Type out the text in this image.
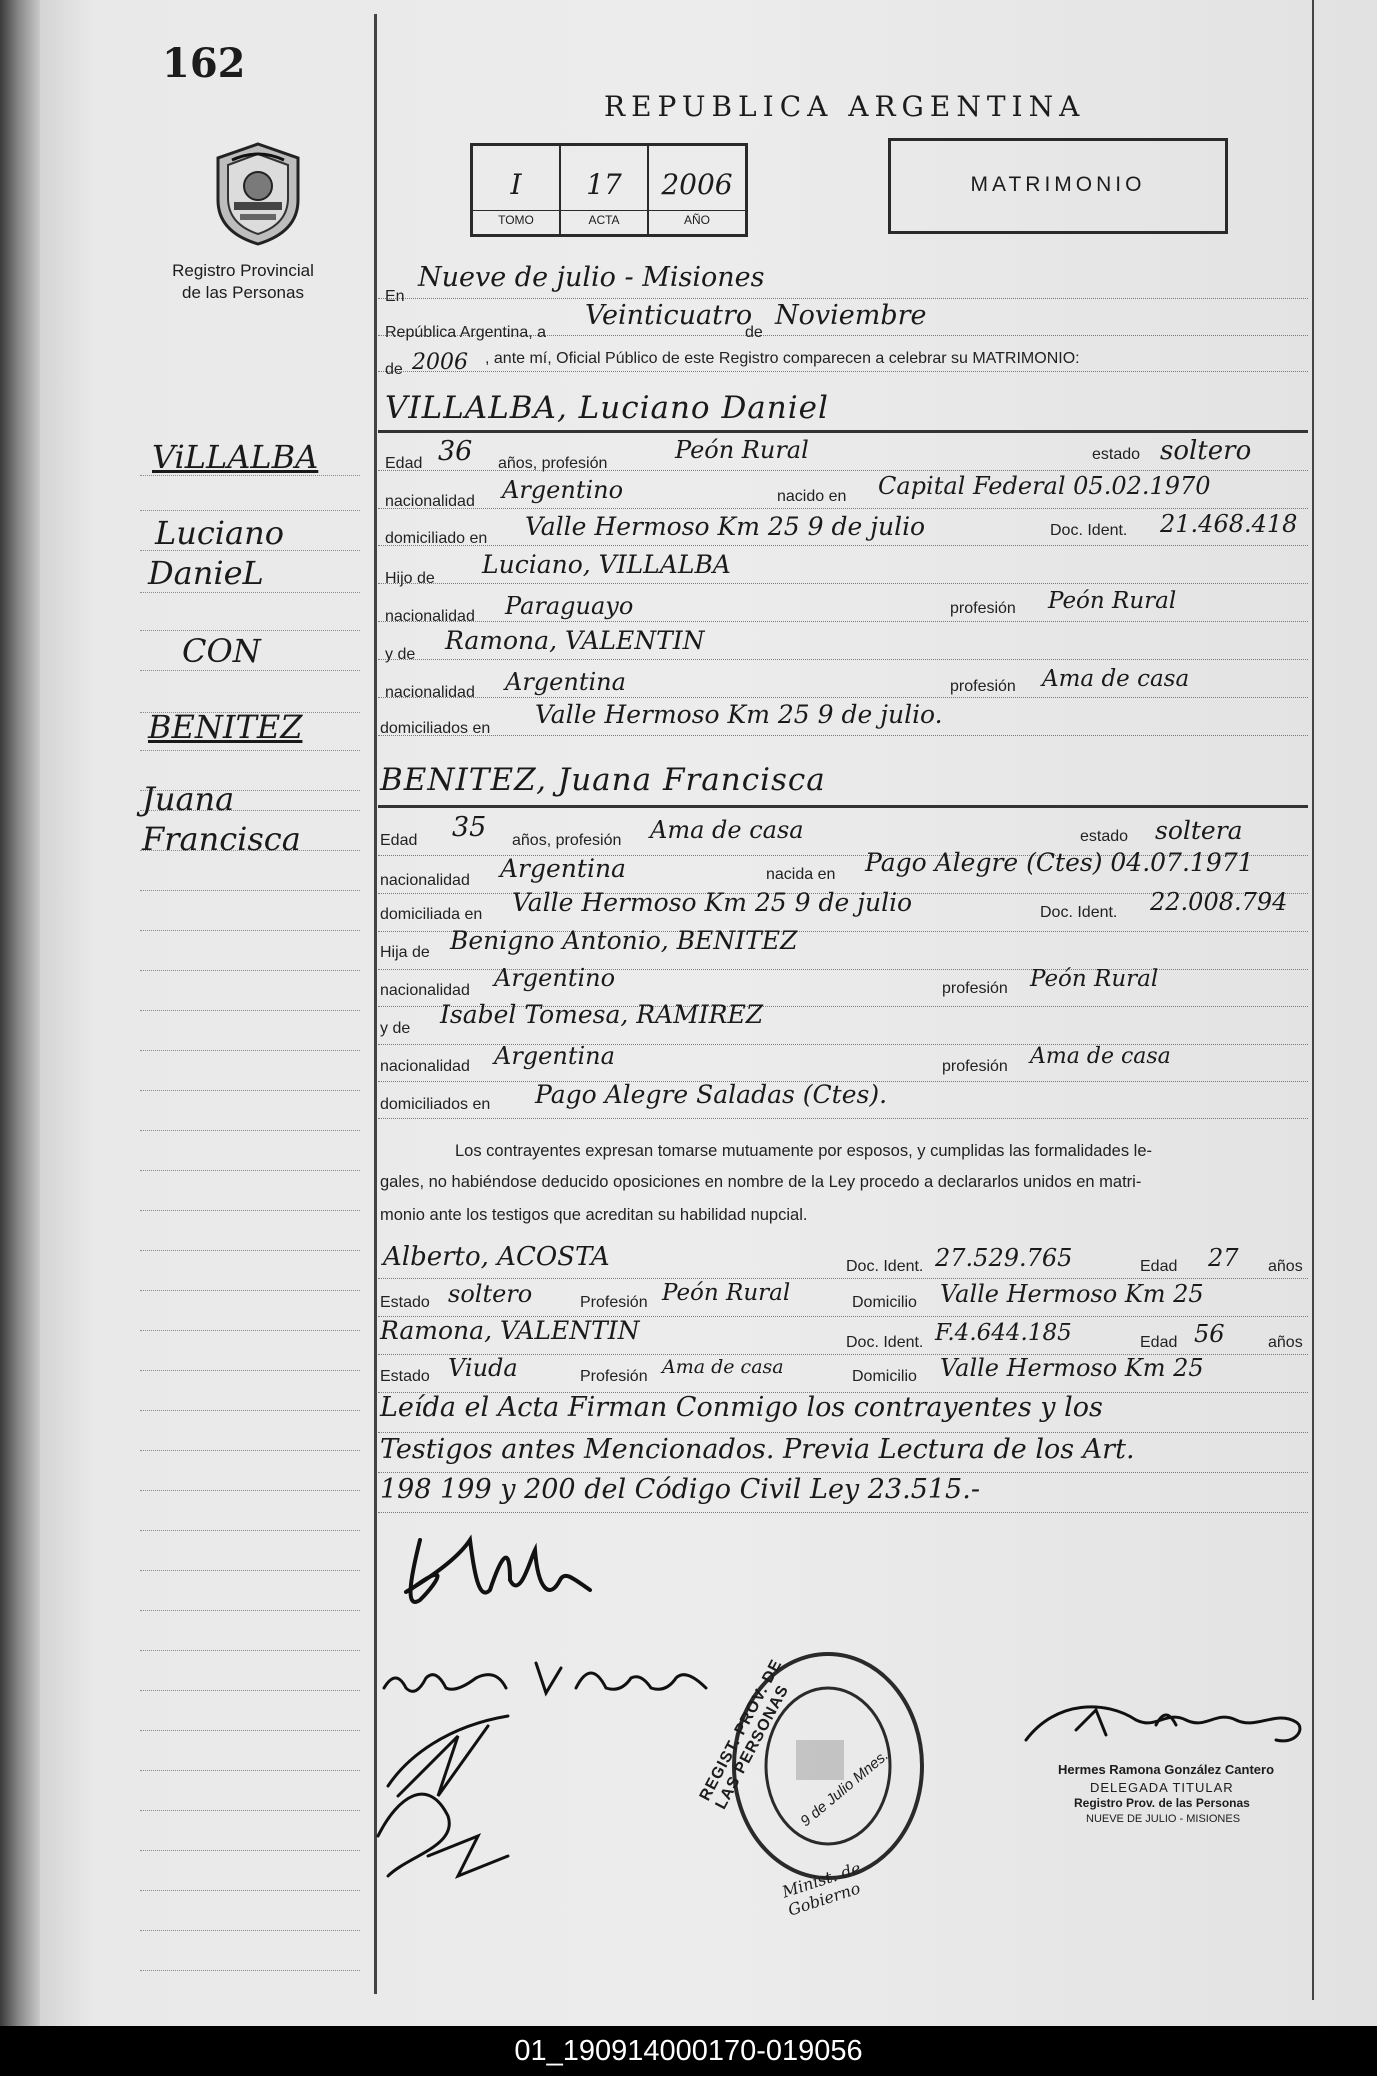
162
Registro Provincial
de las Personas
REPUBLICA ARGENTINA
I
TOMO
17
ACTA
2006
AÑO
MATRIMONIO
ViLLALBA
Luciano
DanieL
CON
BENITEZ
Juana
Francisca
En
Nueve de julio - Misiones
República Argentina, a
Veinticuatro
de
Noviembre
de 2006 , ante mí, Oficial Público de este Registro comparecen a celebrar su MATRIMONIO:
VILLALBA, Luciano Daniel
Edad 36 años, profesión	Peón Rural	estado soltero
nacionalidad Argentino	nacido en Capital Federal 05.02.1970
domiciliado en Valle Hermoso Km 25 9 de julio	Doc. Ident. 21.468.418
Hijo de Luciano, VILLALBA
nacionalidad Paraguayo	profesión Peón Rural
y de Ramona, VALENTIN
nacionalidad Argentina	profesión Ama de casa
domiciliados en Valle Hermoso Km 25 9 de julio.
BENITEZ, Juana Francisca
Edad 35 años, profesión Ama de casa	estado soltera
nacionalidad Argentina	nacida en Pago Alegre (Ctes) 04.07.1971
domiciliada en Valle Hermoso Km 25 9 de julio	Doc. Ident. 22.008.794
Hija de Benigno Antonio, BENITEZ
nacionalidad Argentino	profesión Peón Rural
y de Isabel Tomesa, RAMIREZ
nacionalidad Argentina	profesión Ama de casa
domiciliados en Pago Alegre Saladas (Ctes).
Los contrayentes expresan tomarse mutuamente por esposos, y cumplidas las formalidades le-
gales, no habiéndose deducido oposiciones en nombre de la Ley procedo a declararlos unidos en matri-
monio ante los testigos que acreditan su habilidad nupcial.
Alberto, ACOSTA	Doc. Ident. 27.529.765	Edad 27 años
Estado soltero	Profesión Peón Rural	Domicilio Valle Hermoso Km 25
Ramona, VALENTIN	Doc. Ident. F.4.644.185	Edad 56	años
Estado Viuda	Profesión Ama de casa	Domicilio Valle Hermoso Km 25
Leída el Acta Firman Conmigo los contrayentes y los
Testigos antes Mencionados. Previa Lectura de los Art.
198 199 y 200 del Código Civil Ley 23.515.-
REGIST. PROV. DE LAS PERSONAS
Minist. de Gobierno
9 de Julio Mnes.	Hermes Ramona González Cantero
DELEGADA TITULAR
Registro Prov. de las Personas
NUEVE DE JULIO - MISIONES
01_190914000170-019056
